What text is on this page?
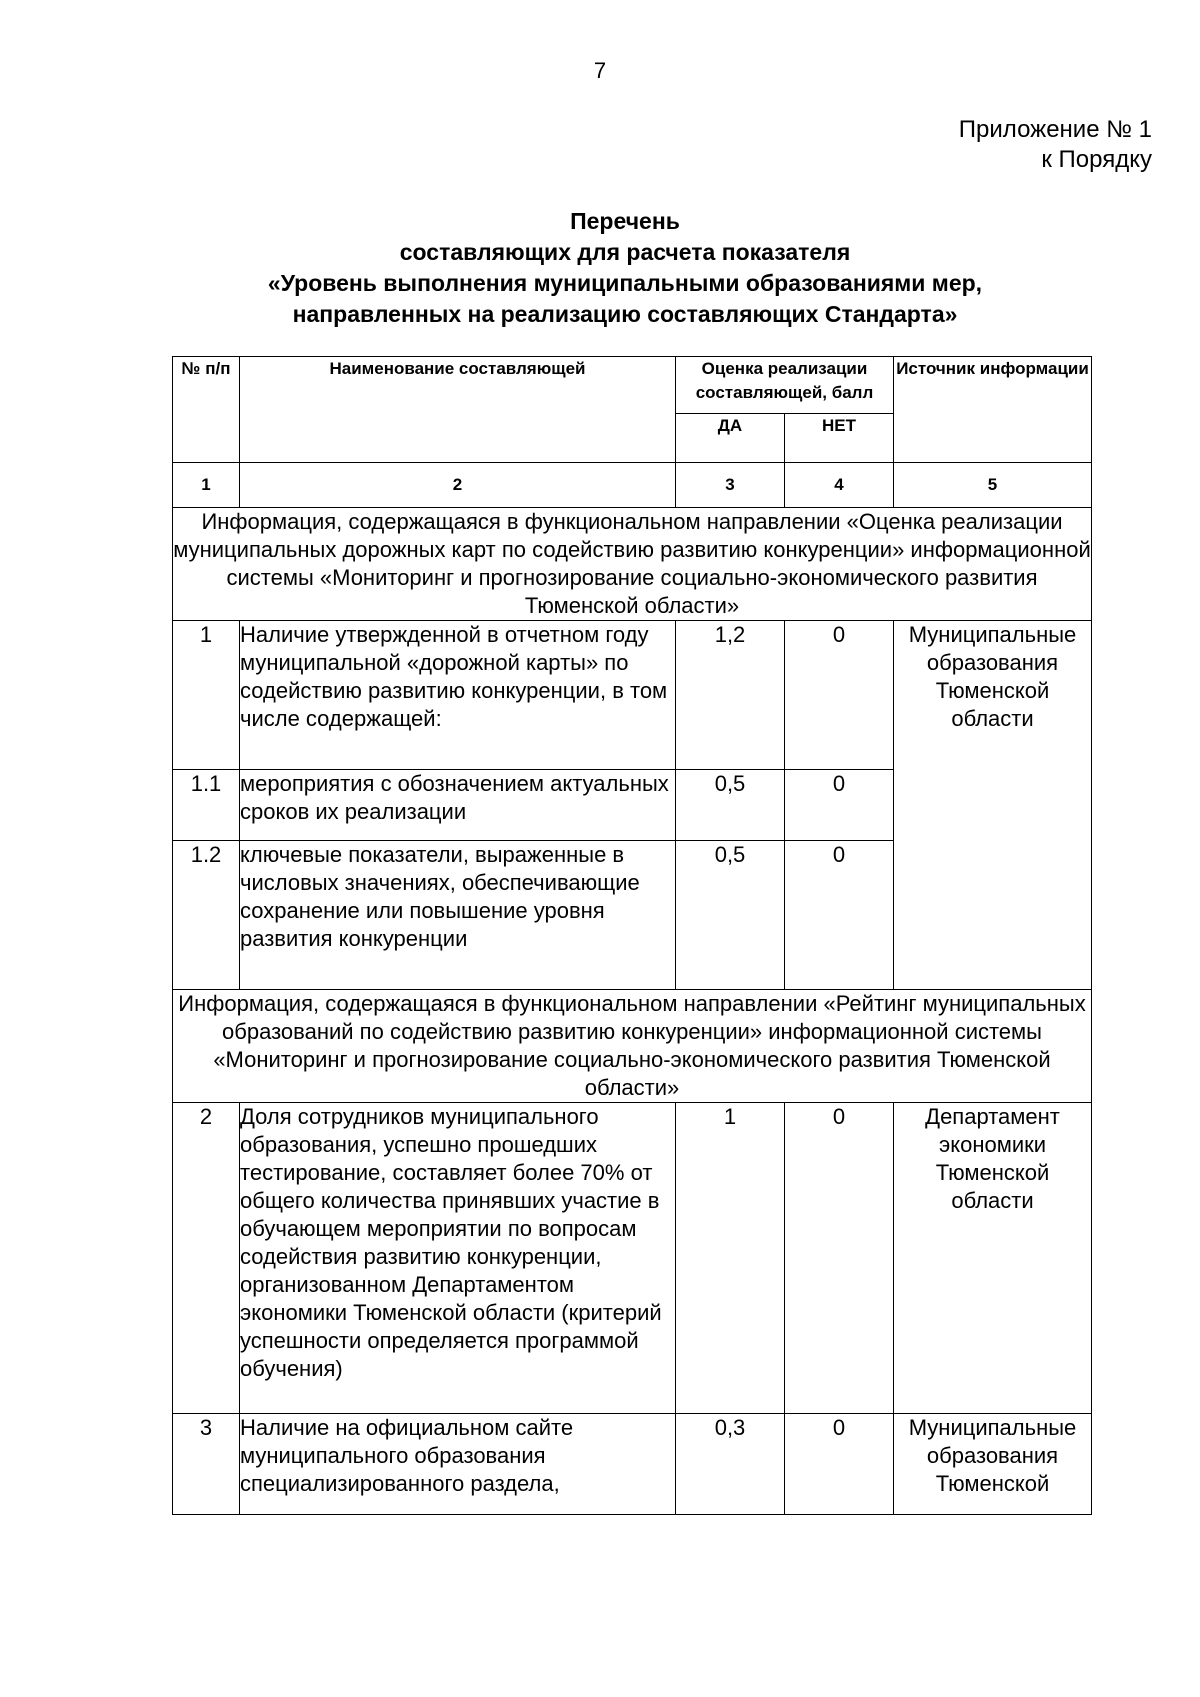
7
Приложение № 1
к Порядку
Перечень
составляющих для расчета показателя
«Уровень выполнения муниципальными образованиями мер,
направленных на реализацию составляющих Стандарта»
№ п/п	Наименование составляющей	Оценка реализации составляющей, балл		Источник информации
		ДА	НЕТ	
1	2	3	4	5
Информация, содержащаяся в функциональном направлении «Оценка реализации муниципальных дорожных карт по содействию развитию конкуренции» информационной системы «Мониторинг и прогнозирование социально-экономического развития Тюменской области»				
1	Наличие утвержденной в отчетном году муниципальной «дорожной карты» по содействию развитию конкуренции, в том числе содержащей:	1,2	0	Муниципальные образования Тюменской области
1.1	мероприятия с обозначением актуальных сроков их реализации	0,5	0	
1.2	ключевые показатели, выраженные в числовых значениях, обеспечивающие сохранение или повышение уровня развития конкуренции	0,5	0	
Информация, содержащаяся в функциональном направлении «Рейтинг муниципальных образований по содействию развитию конкуренции» информационной системы «Мониторинг и прогнозирование социально-экономического развития Тюменской области»				
2	Доля сотрудников муниципального образования, успешно прошедших тестирование, составляет более 70% от общего количества принявших участие в обучающем мероприятии по вопросам содействия развитию конкуренции, организованном Департаментом экономики Тюменской области (критерий успешности определяется программой обучения)	1	0	Департамент экономики Тюменской области
3	Наличие на официальном сайте муниципального образования специализированного раздела,	0,3	0	Муниципальные образования Тюменской
